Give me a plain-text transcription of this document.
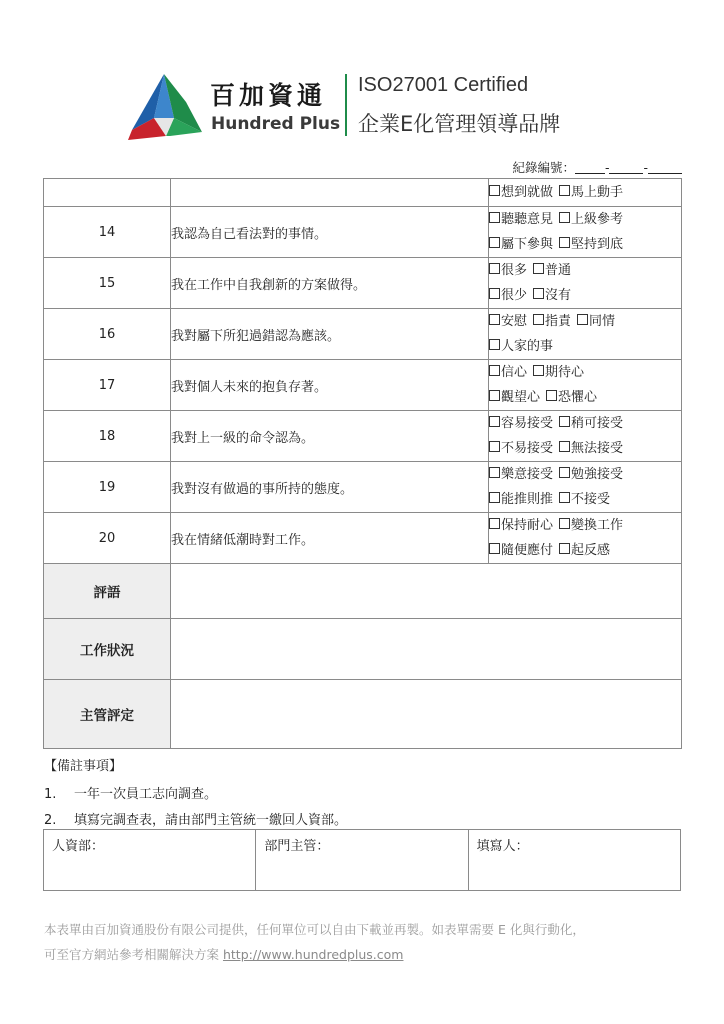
百加資通
Hundred Plus
ISO27001 Certified
企業E化管理領導品牌
紀錄編號： -	-

		想到就做 馬上動手

14	我認為自己看法對的事情。	聽聽意見 上級參考
屬下參與 堅持到底

15	我在工作中自我創新的方案做得。	很多 普通
很少 沒有

16	我對屬下所犯過錯認為應該。	安慰 指責 同情
人家的事

17	我對個人未來的抱負存著。	信心 期待心
觀望心 恐懼心

18	我對上一級的命令認為。	容易接受 稍可接受
不易接受 無法接受

19	我對沒有做過的事所持的態度。	樂意接受 勉強接受
能推則推 不接受

20	我在情緒低潮時對工作。	保持耐心 變換工作
隨便應付 起反感

評語		
工作狀況		
主管評定		
【備註事項】
1. 一年一次員工志向調查。
2. 填寫完調查表，請由部門主管統一繳回人資部。
人資部：	部門主管：	填寫人：
本表單由百加資通股份有限公司提供，任何單位可以自由下載並再製。如表單需要 E 化與行動化，
可至官方網站參考相關解決方案 http://www.hundredplus.com
